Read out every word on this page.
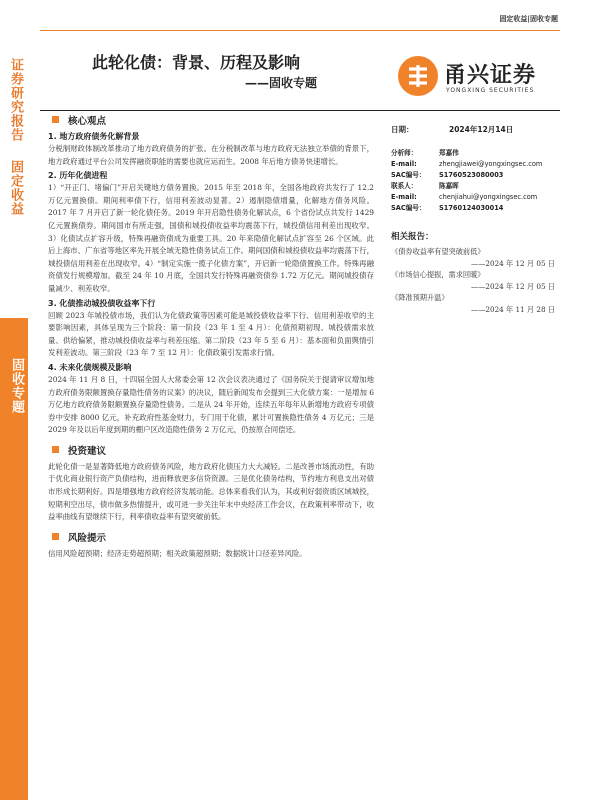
证券研究报告
固定收益
固收专题
固定收益|固收专题
此轮化债：背景、历程及影响
——固收专题	甬兴证券
YONGXING SECURITIES
核心观点

1. 地方政府债务化解背景

分税制财政体制改革推动了地方政府债务的扩张。在分税制改革与地方政府无法独立举债的背景下，地方政府通过平台公司发挥融资职能的需要也就应运而生。2008 年后地方债务快速增长。

2. 历年化债进程

1）“开正门、堵偏门”开启关键地方债务置换。2015 年至 2018 年，全国各地政府共发行了 12.2 万亿元置换债。期间利率债下行，信用利差波动显著。2）遏制隐债增量，化解地方债务风险。2017 年 7 月开启了新一轮化债任务。2019 年开启隐性债务化解试点，6 个省份试点共发行 1429 亿元置换债券。期间国市有所走强，国债和城投债收益率均震荡下行，城投债信用利差出现收窄。3）化债试点扩容升级，特殊再融资债成为重要工具。20 年来隐债化解试点扩容至 26 个区域。此后上海市、广东省等地区率先开展全域无隐性债务试点工作。期间国债和城投债收益率均震荡下行，城投债信用利差在出现收窄。4）“制定实施一揽子化债方案”，开启新一轮隐债置换工作。特殊再融资债发行规模增加。截至 24 年 10 月底，全国共发行特殊再融资债券 1.72 万亿元。期间城投债存量减少、利差收窄。

3. 化债推动城投债收益率下行

回顾 2023 年城投债市场，我们认为化债政策等因素可能是城投债收益率下行、信用利差收窄的主要影响因素，具体呈现为三个阶段：第一阶段（23 年 1 至 4 月）：化债预期初现、城投债需求放量、供给偏紧，推动城投债收益率与利差压缩。第二阶段（23 年 5 至 6 月）：基本面和负面舆情引发利差波动。第三阶段（23 年 7 至 12 月）：化债政策引发需求行情。

4. 未来化债规模及影响

2024 年 11 月 8 日，十四届全国人大常委会第 12 次会议表决通过了《国务院关于提请审议增加地方政府债务限额置换存量隐性债务的议案》的决议，随后新闻发布会提到三大化债方案：一是增加 6 万亿地方政府债务限额置换存量隐性债务。二是从 24 年开始，连续五年每年从新增地方政府专项债券中安排 8000 亿元，补充政府性基金财力，专门用于化债，累计可置换隐性债务 4 万亿元；三是 2029 年及以后年度到期的棚户区改造隐性债务 2 万亿元，仍按原合同偿还。

投资建议

此轮化债一是显著降低地方政府债务风险，地方政府化债压力大大减轻。二是改善市场流动性，有助于优化商业银行资产负债结构，进而释放更多信贷资源。三是优化债务结构，节约地方利息支出对债市形成长期利好。四是增强地方政府经济发展动能。总体来看我们认为，其或利好弱资质区域城投，短期利空出尽，债市做多热情提升，或可进一步关注年末中央经济工作会议，在政策利率带动下，收益率曲线有望继续下行，利率债收益率有望突破前低。

风险提示

信用风险超预期；经济走势超预期；相关政策超预期；数据统计口径差异风险。

日期：	2024年12月14日
分析师：	郑嘉伟
E-mail:	zhengjiawei@yongxingsec.com
SAC编号： S1760523080003
联系人：	陈嘉晖
E-mail:	chenjiahui@yongxingsec.com
SAC编号： S1760124030014
相关报告：
《债券收益率有望突破前低》
——2024 年 12 月 05 日
《市场信心提振，需求回暖》
——2024 年 12 月 05 日
《降准预期升温》
——2024 年 11 月 28 日
